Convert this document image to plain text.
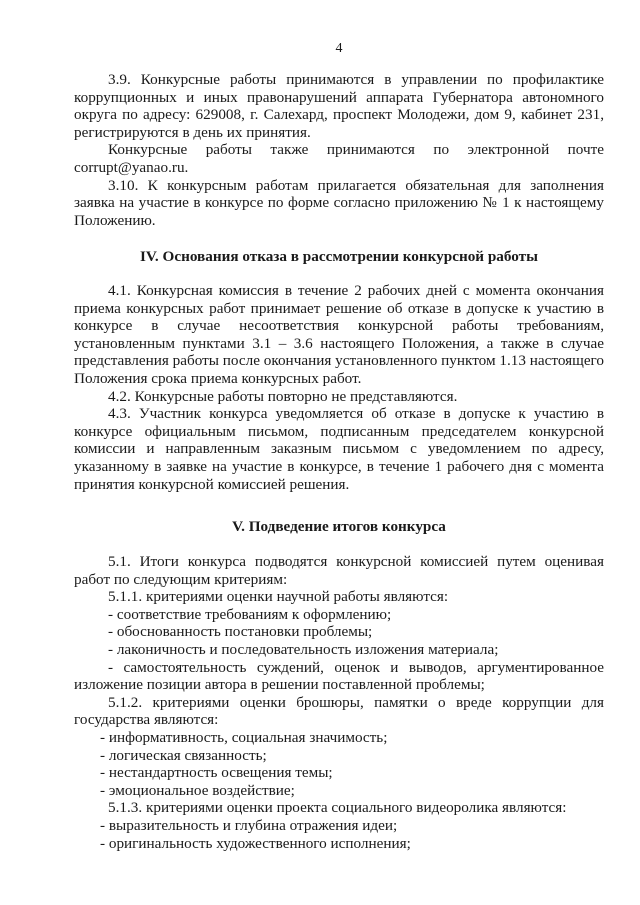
4

3.9. Конкурсные работы принимаются в управлении по профилактике коррупционных и иных правонарушений аппарата Губернатора автономного округа по адресу: 629008, г. Салехард, проспект Молодежи, дом 9, кабинет 231, регистрируются в день их принятия.

Конкурсные работы также принимаются по электронной почте

corrupt@yanao.ru.

3.10. К конкурсным работам прилагается обязательная для заполнения заявка на участие в конкурсе по форме согласно приложению № 1 к настоящему Положению.

IV. Основания отказа в рассмотрении конкурсной работы

4.1. Конкурсная комиссия в течение 2 рабочих дней с момента окончания приема конкурсных работ принимает решение об отказе в допуске к участию в конкурсе в случае несоответствия конкурсной работы требованиям, установленным пунктами 3.1 – 3.6 настоящего Положения, а также в случае представления работы после окончания установленного пунктом 1.13 настоящего Положения срока приема конкурсных работ.

4.2. Конкурсные работы повторно не представляются.

4.3. Участник конкурса уведомляется об отказе в допуске к участию в конкурсе официальным письмом, подписанным председателем конкурсной комиссии и направленным заказным письмом с уведомлением по адресу, указанному в заявке на участие в конкурсе, в течение 1 рабочего дня с момента принятия конкурсной комиссией решения.

V. Подведение итогов конкурса

5.1. Итоги конкурса подводятся конкурсной комиссией путем оценивая работ по следующим критериям:

5.1.1. критериями оценки научной работы являются:

- соответствие требованиям к оформлению;

- обоснованность постановки проблемы;

- лаконичность и последовательность изложения материала;

- самостоятельность суждений, оценок и выводов, аргументированное изложение позиции автора в решении поставленной проблемы;

5.1.2. критериями оценки брошюры, памятки о вреде коррупции для государства являются:

- информативность, социальная значимость;

- логическая связанность;

- нестандартность освещения темы;

- эмоциональное воздействие;

5.1.3. критериями оценки проекта социального видеоролика являются:

- выразительность и глубина отражения идеи;

- оригинальность художественного исполнения;
